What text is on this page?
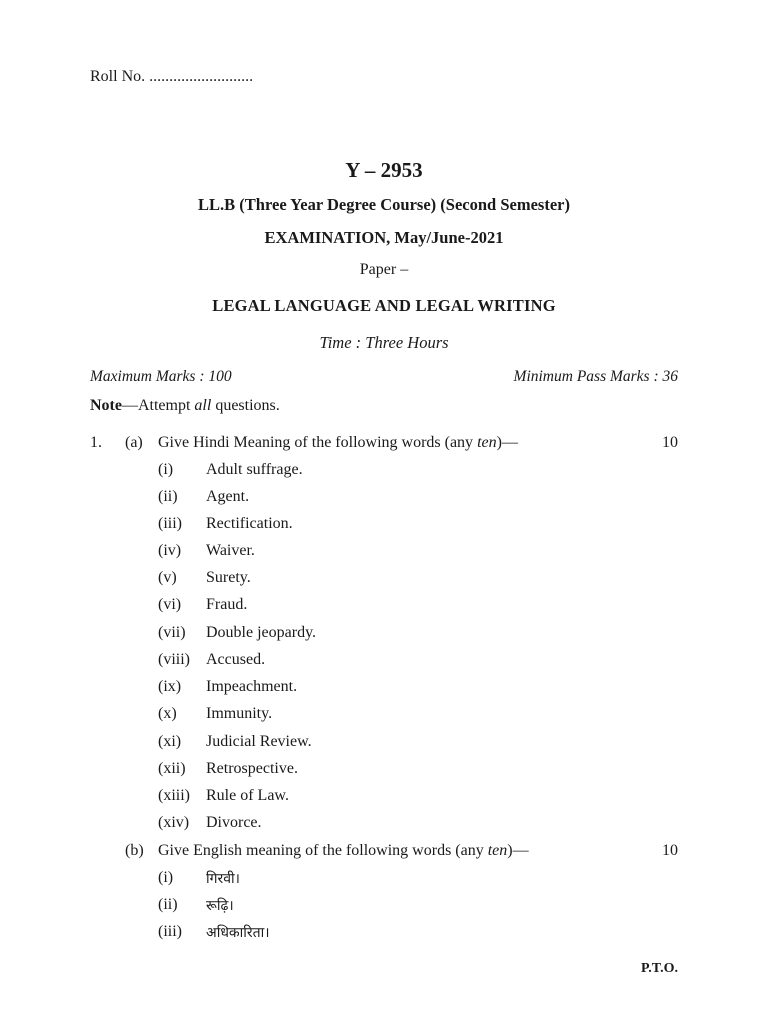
Roll No. ..........................
Y – 2953
LL.B (Three Year Degree Course) (Second Semester)
EXAMINATION, May/June-2021
Paper –
LEGAL LANGUAGE AND LEGAL WRITING
Time : Three Hours
Maximum Marks : 100	Minimum Pass Marks : 36
Note—Attempt all questions.
1. (a) Give Hindi Meaning of the following words (any ten)—	10
(i)	Adult suffrage.
(ii)	Agent.
(iii)	Rectification.
(iv)	Waiver.
(v)	Surety.
(vi)	Fraud.
(vii)	Double jeopardy.
(viii)	Accused.
(ix)	Impeachment.
(x)	Immunity.
(xi)	Judicial Review.
(xii)	Retrospective.
(xiii)	Rule of Law.
(xiv)	Divorce.
(b) Give English meaning of the following words (any ten)—	10
(i)	गिरवी।
(ii)	रूढ़ि।
(iii)	अधिकारिता।
P.T.O.
